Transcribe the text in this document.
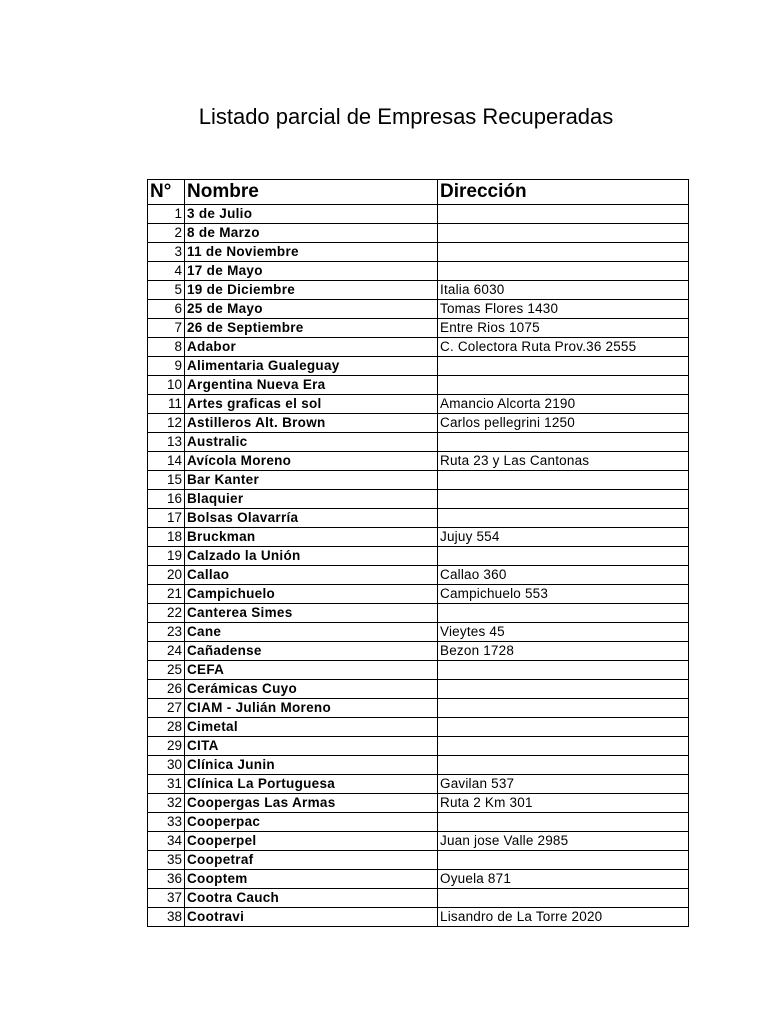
Listado parcial de Empresas Recuperadas
N°	Nombre	Dirección
1	3 de Julio	
2	8 de Marzo	
3	11 de Noviembre	
4	17 de Mayo	
5	19 de Diciembre	Italia 6030
6	25 de Mayo	Tomas Flores 1430
7	26 de Septiembre	Entre Rios 1075
8	Adabor	C. Colectora Ruta Prov.36 2555
9	Alimentaria Gualeguay	
10	Argentina Nueva Era	
11	Artes graficas el sol	Amancio Alcorta 2190
12	Astilleros Alt. Brown	Carlos pellegrini 1250
13	Australic	
14	Avícola Moreno	Ruta 23 y Las Cantonas
15	Bar Kanter	
16	Blaquier	
17	Bolsas Olavarría	
18	Bruckman	Jujuy 554
19	Calzado la Unión	
20	Callao	Callao 360
21	Campichuelo	Campichuelo 553
22	Canterea Simes	
23	Cane	Vieytes 45
24	Cañadense	Bezon 1728
25	CEFA	
26	Cerámicas Cuyo	
27	CIAM - Julián Moreno	
28	Cimetal	
29	CITA	
30	Clínica Junin	
31	Clínica La Portuguesa	Gavilan 537
32	Coopergas Las Armas	Ruta 2 Km 301
33	Cooperpac	
34	Cooperpel	Juan jose Valle 2985
35	Coopetraf	
36	Cooptem	Oyuela 871
37	Cootra Cauch	
38	Cootravi	Lisandro de La Torre 2020
